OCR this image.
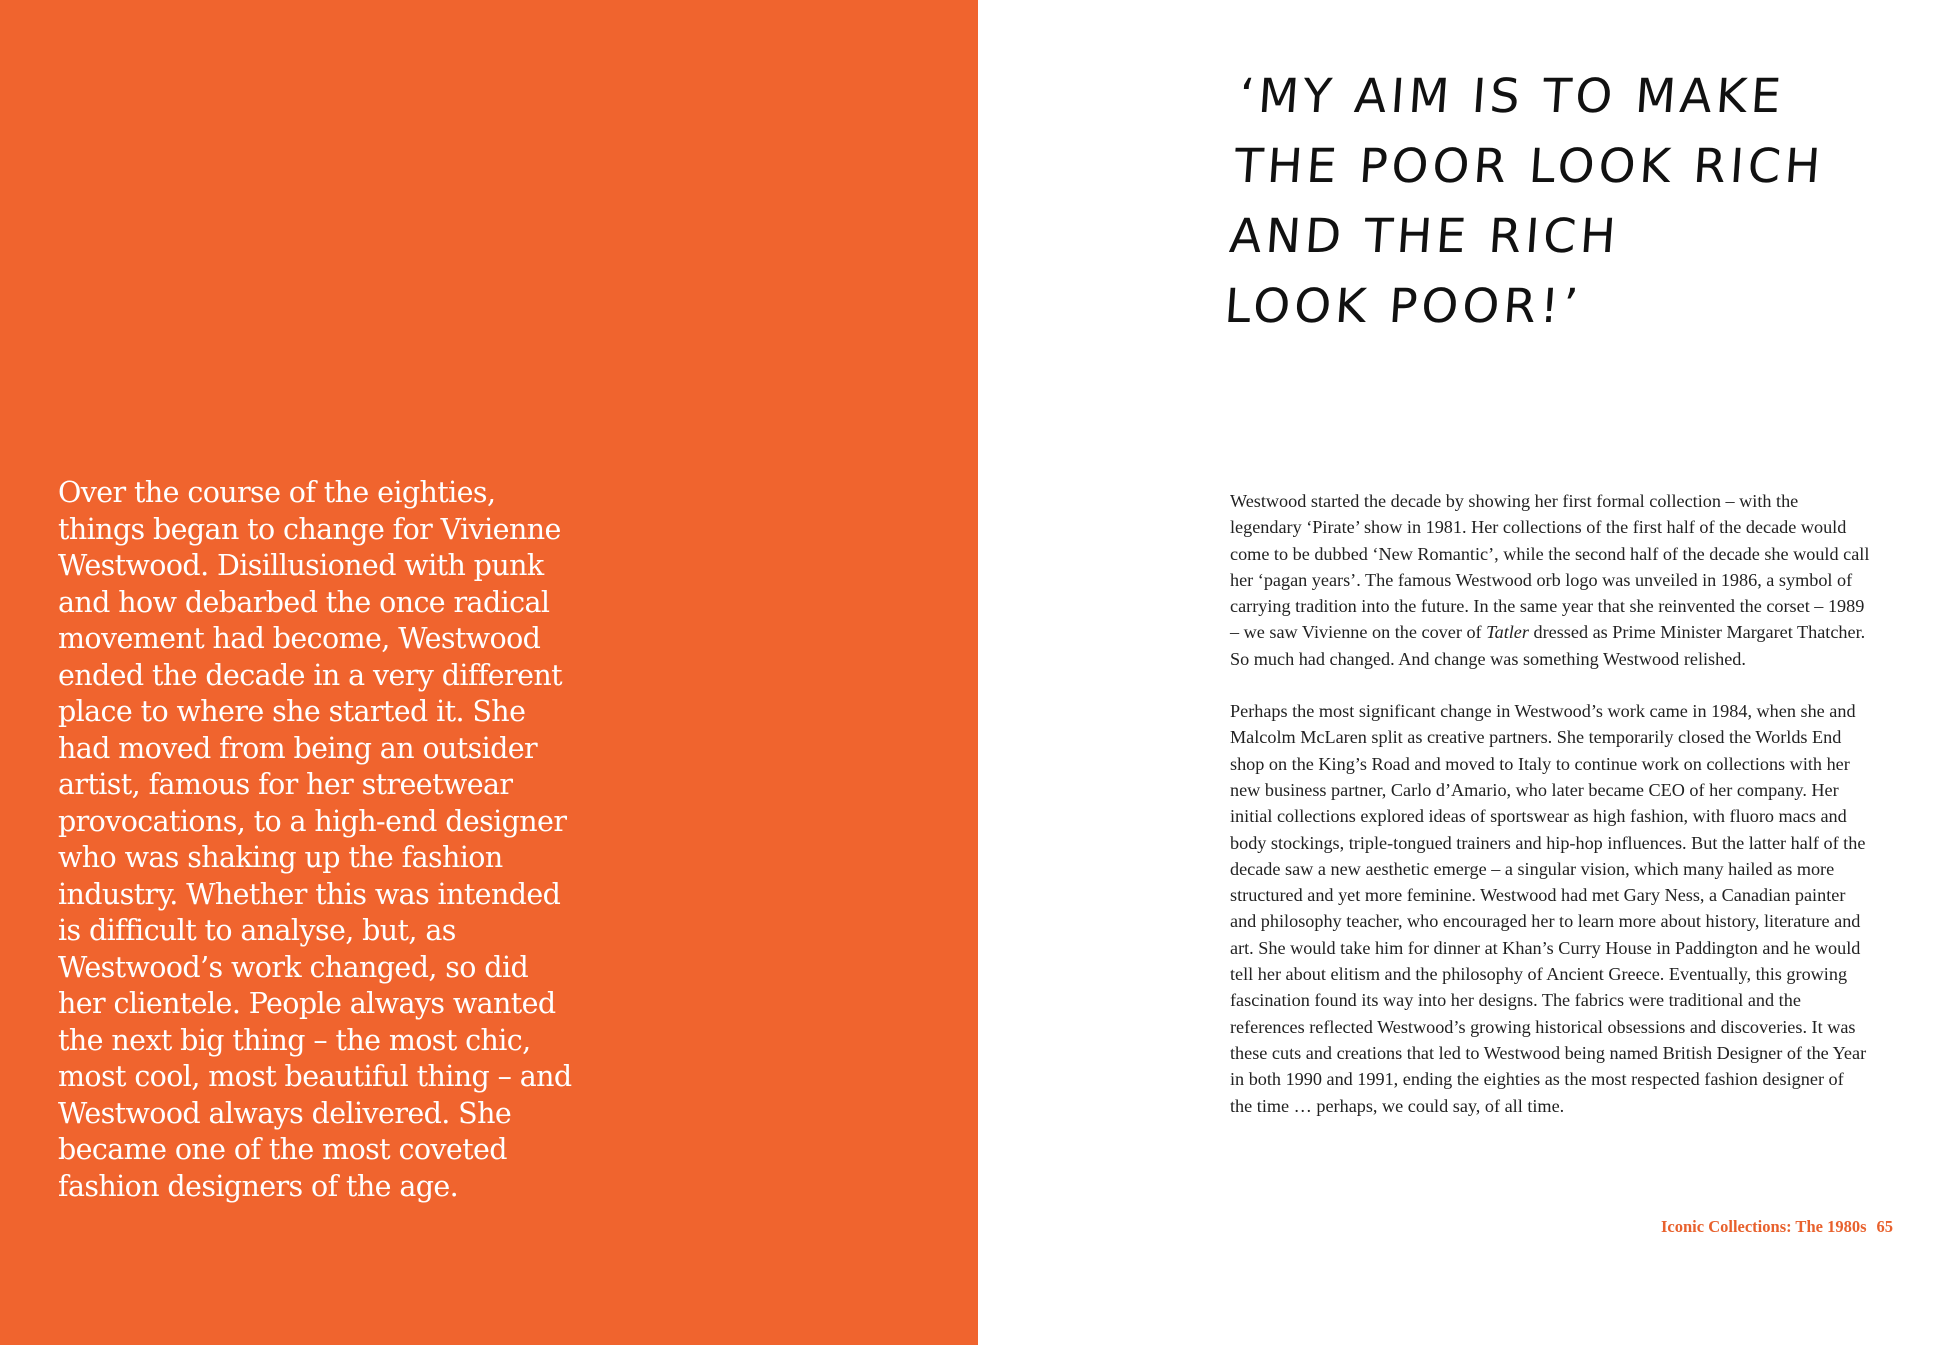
Over the course of the eighties, things began to change for Vivienne Westwood. Disillusioned with punk and how debarbed the once radical movement had become, Westwood ended the decade in a very different place to where she started it. She had moved from being an outsider artist, famous for her streetwear provocations, to a high-end designer who was shaking up the fashion industry. Whether this was intended is difficult to analyse, but, as Westwood’s work changed, so did her clientele. People always wanted the next big thing – the most chic, most cool, most beautiful thing – and Westwood always delivered. She became one of the most coveted fashion designers of the age.

‘MY AIM IS TO MAKE
THE POOR LOOK RICH
AND THE RICH
LOOK POOR!’

Westwood started the decade by showing her first formal collection – with the legendary ‘Pirate’ show in 1981. Her collections of the first half of the decade would come to be dubbed ‘New Romantic’, while the second half of the decade she would call her ‘pagan years’. The famous Westwood orb logo was unveiled in 1986, a symbol of carrying tradition into the future. In the same year that she reinvented the corset – 1989 – we saw Vivienne on the cover of Tatler dressed as Prime Minister Margaret Thatcher. So much had changed. And change was something Westwood relished.

Perhaps the most significant change in Westwood’s work came in 1984, when she and Malcolm McLaren split as creative partners. She temporarily closed the Worlds End shop on the King’s Road and moved to Italy to continue work on collections with her new business partner, Carlo d’Amario, who later became CEO of her company. Her initial collections explored ideas of sportswear as high fashion, with fluoro macs and body stockings, triple-tongued trainers and hip-hop influences. But the latter half of the decade saw a new aesthetic emerge – a singular vision, which many hailed as more structured and yet more feminine. Westwood had met Gary Ness, a Canadian painter and philosophy teacher, who encouraged her to learn more about history, literature and art. She would take him for dinner at Khan’s Curry House in Paddington and he would tell her about elitism and the philosophy of Ancient Greece. Eventually, this growing fascination found its way into her designs. The fabrics were traditional and the references reflected Westwood’s growing historical obsessions and discoveries. It was these cuts and creations that led to Westwood being named British Designer of the Year in both 1990 and 1991, ending the eighties as the most respected fashion designer of the time … perhaps, we could say, of all time.

Iconic Collections: The 1980s 65
